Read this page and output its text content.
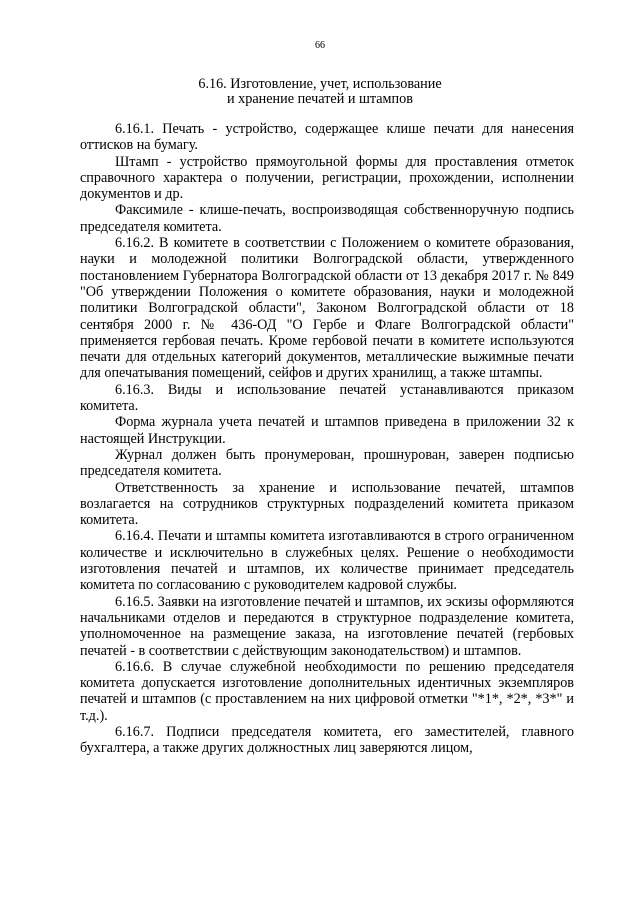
66
6.16. Изготовление, учет, использование
и хранение печатей и штампов

6.16.1. Печать - устройство, содержащее клише печати для нанесения оттисков на бумагу.

Штамп - устройство прямоугольной формы для проставления отметок справочного характера о получении, регистрации, прохождении, исполнении документов и др.

Факсимиле - клише-печать, воспроизводящая собственноручную подпись председателя комитета.

6.16.2. В комитете в соответствии с Положением о комитете образования, науки и молодежной политики Волгоградской области, утвержденного постановлением Губернатора Волгоградской области от 13 декабря 2017 г. № 849 "Об утверждении Положения о комитете образования, науки и молодежной политики Волгоградской области", Законом Волгоградской области от 18 сентября 2000 г. № 436-ОД "О Гербе и Флаге Волгоградской области" применяется гербовая печать. Кроме гербовой печати в комитете используются печати для отдельных категорий документов, металлические выжимные печати для опечатывания помещений, сейфов и других хранилищ, а также штампы.

6.16.3. Виды и использование печатей устанавливаются приказом комитета.

Форма журнала учета печатей и штампов приведена в приложении 32 к настоящей Инструкции.

Журнал должен быть пронумерован, прошнурован, заверен подписью председателя комитета.

Ответственность за хранение и использование печатей, штампов возлагается на сотрудников структурных подразделений комитета приказом комитета.

6.16.4. Печати и штампы комитета изготавливаются в строго ограниченном количестве и исключительно в служебных целях. Решение о необходимости изготовления печатей и штампов, их количестве принимает председатель комитета по согласованию с руководителем кадровой службы.

6.16.5. Заявки на изготовление печатей и штампов, их эскизы оформляются начальниками отделов и передаются в структурное подразделение комитета, уполномоченное на размещение заказа, на изготовление печатей (гербовых печатей - в соответствии с действующим законодательством) и штампов.

6.16.6. В случае служебной необходимости по решению председателя комитета допускается изготовление дополнительных идентичных экземпляров печатей и штампов (с проставлением на них цифровой отметки "*1*, *2*, *3*" и т.д.).

6.16.7. Подписи председателя комитета, его заместителей, главного бухгалтера, а также других должностных лиц заверяются лицом,
